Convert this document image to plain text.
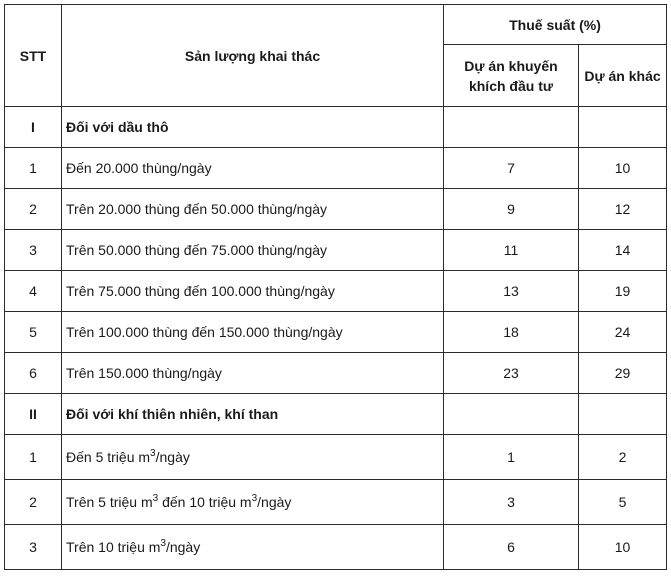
STT	Sản lượng khai thác	Thuế suất (%)	

		Dự án khuyến khích đầu tư	Dự án khác
I	Đối với dầu thô		
1	Đến 20.000 thùng/ngày	7	10
2	Trên 20.000 thùng đến 50.000 thùng/ngày	9	12
3	Trên 50.000 thùng đến 75.000 thùng/ngày	11	14
4	Trên 75.000 thùng đến 100.000 thùng/ngày	13	19
5	Trên 100.000 thùng đến 150.000 thùng/ngày	18	24
6	Trên 150.000 thùng/ngày	23	29
II	Đối với khí thiên nhiên, khí than		
1	Đến 5 triệu $m^3$/ngày	1	2
2	Trên 5 triệu $m^3$ đến 10 triệu $m^3$/ngày	3	5
3	Trên 10 triệu $m^3$/ngày	6	10
